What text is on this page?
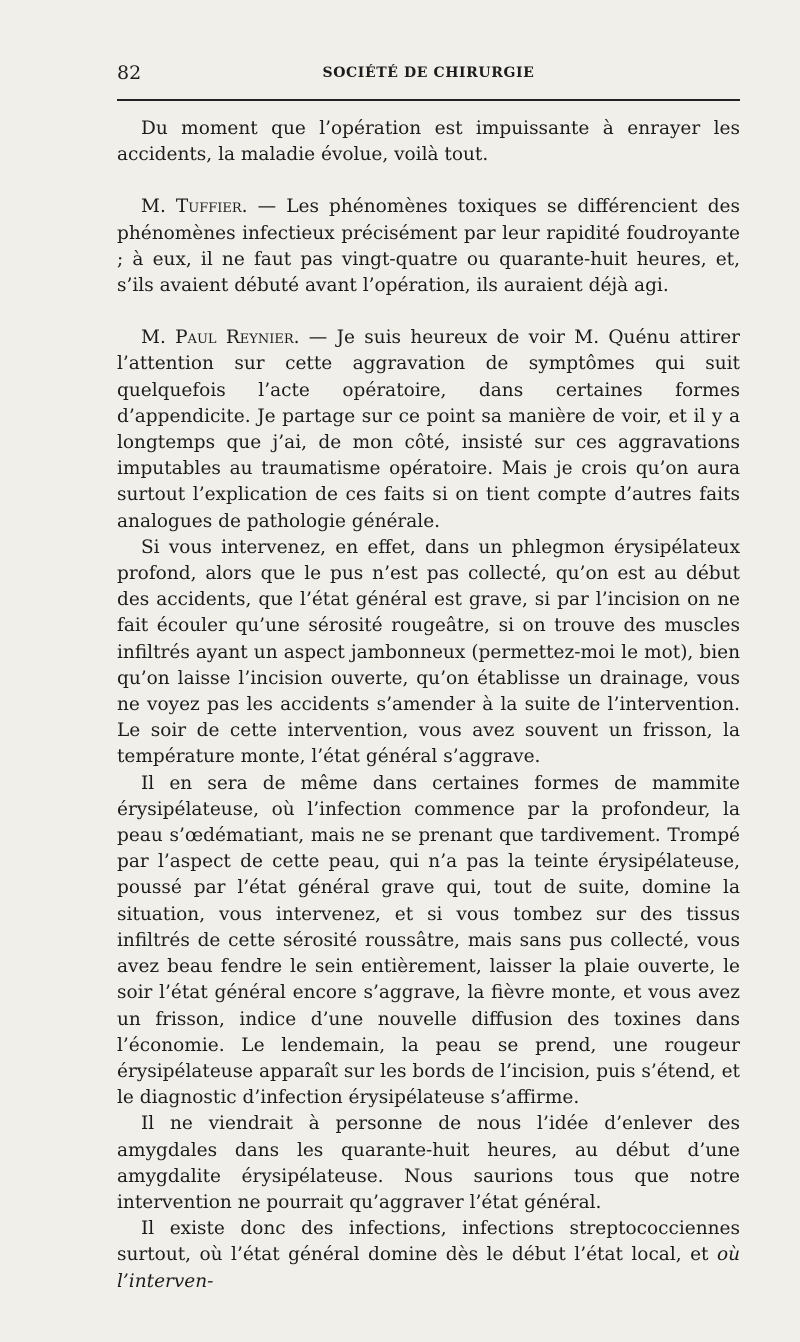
82	SOCIÉTÉ DE CHIRURGIE

Du moment que l’opération est impuissante à enrayer les accidents, la maladie évolue, voilà tout.

M. Tuffier. — Les phénomènes toxiques se différencient des phénomènes infectieux précisément par leur rapidité foudroyante ; à eux, il ne faut pas vingt-quatre ou quarante-huit heures, et, s’ils avaient débuté avant l’opération, ils auraient déjà agi.

M. Paul Reynier. — Je suis heureux de voir M. Quénu attirer l’attention sur cette aggravation de symptômes qui suit quelquefois l’acte opératoire, dans certaines formes d’appendicite. Je partage sur ce point sa manière de voir, et il y a longtemps que j’ai, de mon côté, insisté sur ces aggravations imputables au traumatisme opératoire. Mais je crois qu’on aura surtout l’explication de ces faits si on tient compte d’autres faits analogues de pathologie générale.

Si vous intervenez, en effet, dans un phlegmon érysipélateux profond, alors que le pus n’est pas collecté, qu’on est au début des accidents, que l’état général est grave, si par l’incision on ne fait écouler qu’une sérosité rougeâtre, si on trouve des muscles infiltrés ayant un aspect jambonneux (permettez-moi le mot), bien qu’on laisse l’incision ouverte, qu’on établisse un drainage, vous ne voyez pas les accidents s’amender à la suite de l’intervention. Le soir de cette intervention, vous avez souvent un frisson, la température monte, l’état général s’aggrave.

Il en sera de même dans certaines formes de mammite érysipélateuse, où l’infection commence par la profondeur, la peau s’œdématiant, mais ne se prenant que tardivement. Trompé par l’aspect de cette peau, qui n’a pas la teinte érysipélateuse, poussé par l’état général grave qui, tout de suite, domine la situation, vous intervenez, et si vous tombez sur des tissus infiltrés de cette sérosité roussâtre, mais sans pus collecté, vous avez beau fendre le sein entièrement, laisser la plaie ouverte, le soir l’état général encore s’aggrave, la fièvre monte, et vous avez un frisson, indice d’une nouvelle diffusion des toxines dans l’économie. Le lendemain, la peau se prend, une rougeur érysipélateuse apparaît sur les bords de l’incision, puis s’étend, et le diagnostic d’infection érysipélateuse s’affirme.

Il ne viendrait à personne de nous l’idée d’enlever des amygdales dans les quarante-huit heures, au début d’une amygdalite érysipélateuse. Nous saurions tous que notre intervention ne pourrait qu’aggraver l’état général.

Il existe donc des infections, infections streptococciennes surtout, où l’état général domine dès le début l’état local, et où l’interven-
